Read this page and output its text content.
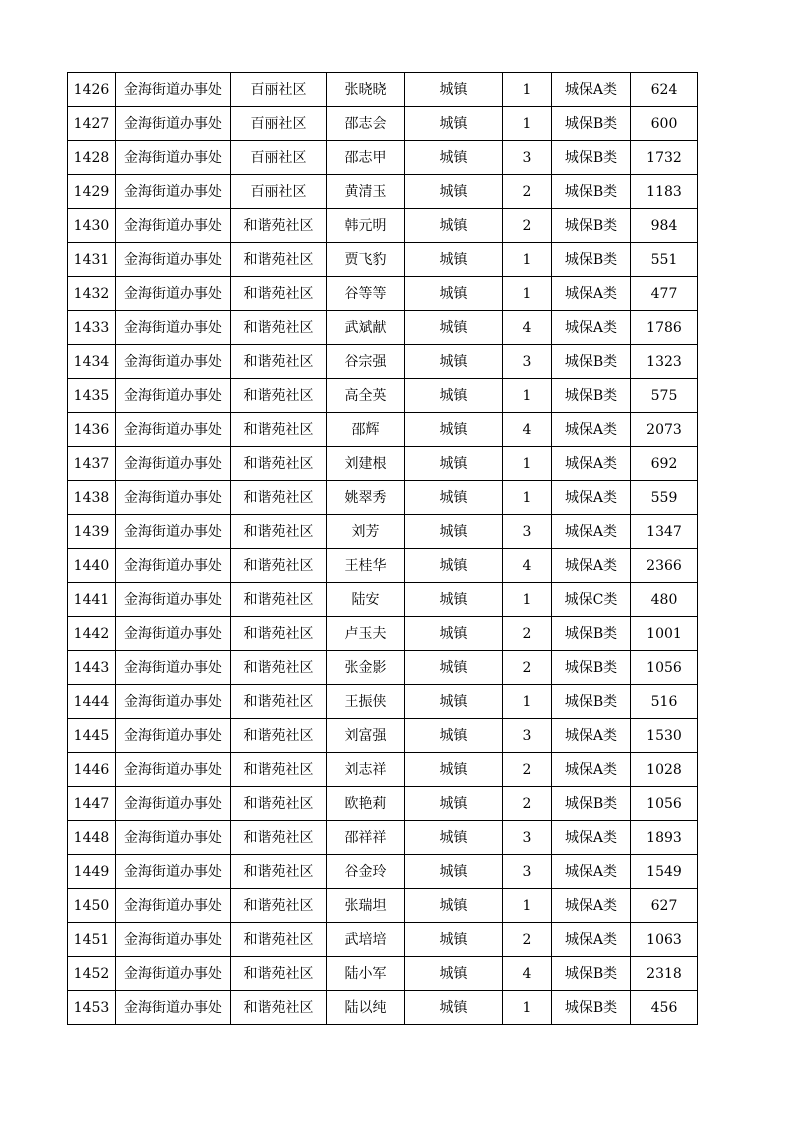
1426	金海街道办事处	百丽社区	张晓晓	城镇	1	城保A类	624
1427	金海街道办事处	百丽社区	邵志会	城镇	1	城保B类	600
1428	金海街道办事处	百丽社区	邵志甲	城镇	3	城保B类	1732
1429	金海街道办事处	百丽社区	黄清玉	城镇	2	城保B类	1183
1430	金海街道办事处	和谐苑社区	韩元明	城镇	2	城保B类	984
1431	金海街道办事处	和谐苑社区	贾飞豹	城镇	1	城保B类	551
1432	金海街道办事处	和谐苑社区	谷等等	城镇	1	城保A类	477
1433	金海街道办事处	和谐苑社区	武斌献	城镇	4	城保A类	1786
1434	金海街道办事处	和谐苑社区	谷宗强	城镇	3	城保B类	1323
1435	金海街道办事处	和谐苑社区	高全英	城镇	1	城保B类	575
1436	金海街道办事处	和谐苑社区	邵辉	城镇	4	城保A类	2073
1437	金海街道办事处	和谐苑社区	刘建根	城镇	1	城保A类	692
1438	金海街道办事处	和谐苑社区	姚翠秀	城镇	1	城保A类	559
1439	金海街道办事处	和谐苑社区	刘芳	城镇	3	城保A类	1347
1440	金海街道办事处	和谐苑社区	王桂华	城镇	4	城保A类	2366
1441	金海街道办事处	和谐苑社区	陆安	城镇	1	城保C类	480
1442	金海街道办事处	和谐苑社区	卢玉夫	城镇	2	城保B类	1001
1443	金海街道办事处	和谐苑社区	张金影	城镇	2	城保B类	1056
1444	金海街道办事处	和谐苑社区	王振侠	城镇	1	城保B类	516
1445	金海街道办事处	和谐苑社区	刘富强	城镇	3	城保A类	1530
1446	金海街道办事处	和谐苑社区	刘志祥	城镇	2	城保A类	1028
1447	金海街道办事处	和谐苑社区	欧艳莉	城镇	2	城保B类	1056
1448	金海街道办事处	和谐苑社区	邵祥祥	城镇	3	城保A类	1893
1449	金海街道办事处	和谐苑社区	谷金玲	城镇	3	城保A类	1549
1450	金海街道办事处	和谐苑社区	张瑞坦	城镇	1	城保A类	627
1451	金海街道办事处	和谐苑社区	武培培	城镇	2	城保A类	1063
1452	金海街道办事处	和谐苑社区	陆小军	城镇	4	城保B类	2318
1453	金海街道办事处	和谐苑社区	陆以纯	城镇	1	城保B类	456
